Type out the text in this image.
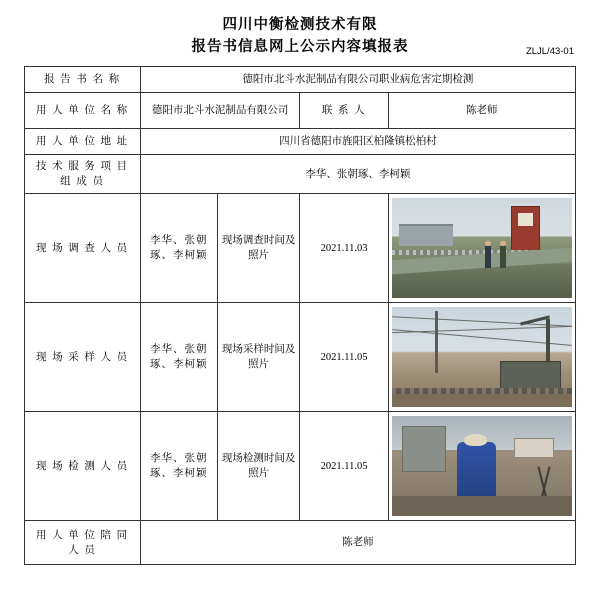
四川中衡检测技术有限
报告书信息网上公示内容填报表	ZLJL/43-01
报 告 书 名 称	德阳市北斗水泥制品有限公司职业病危害定期检测			
用 人 单 位 名 称	德阳市北斗水泥制品有限公司		联 系 人	陈老师
用 人 单 位 地 址	四川省德阳市旌阳区柏隆镇松柏村			

技 术 服 务 项 目
组 成 员	李华、张朝琢、李柯颖			
现 场 调 查 人 员	李华、张朝琢、李柯颖	现场调查时间及照片	2021.11.03	

现 场 采 样 人 员	李华、张朝琢、李柯颖	现场采样时间及照片	2021.11.05	

现 场 检 测 人 员	李华、张朝琢、李柯颖	现场检测时间及照片	2021.11.05	

用 人 单 位 陪 同
人 员	陈老师			
